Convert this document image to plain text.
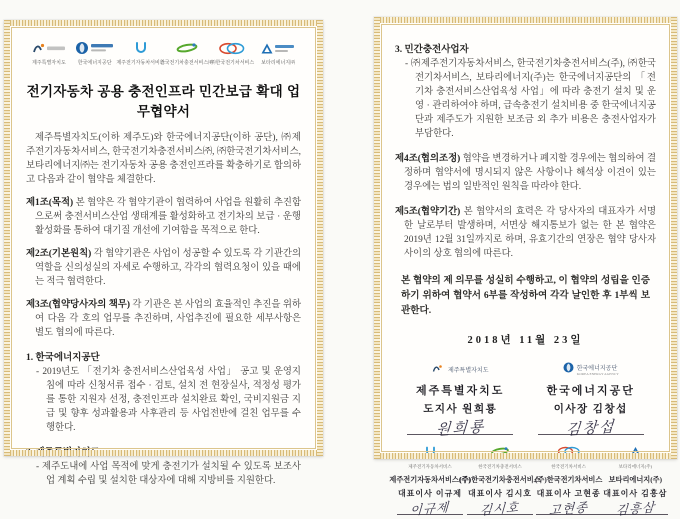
제주특별자치도 한국에너지공단 제주전기자동차서비스
한국전기차충전서비스㈜
㈜한국전기차서비스 보타리에너지㈜
전기자동차 공용 충전인프라 민간보급 확대 업무협약서

제주특별자치도(이하 제주도)와 한국에너지공단(이하 공단), ㈜제주전기자동차서비스, 한국전기차충전서비스㈜, ㈜한국전기차서비스, 보타리에너지㈜는 전기자동차 공용 충전인프라를 확충하기로 합의하고 다음과 같이 협약을 체결한다.

제1조(목적) 본 협약은 각 협약기관이 협력하여 사업을 원활히 추진함으로써 충전서비스산업 생태계를 활성화하고 전기차의 보급 · 운행 활성화를 통하여 대기질 개선에 기여함을 목적으로 한다.

제2조(기본원칙) 각 협약기관은 사업이 성공할 수 있도록 각 기관간의 역할을 신의성실의 자세로 수행하고, 각각의 협력요청이 있을 때에는 적극 협력한다.

제3조(협약당사자의 책무) 각 기관은 본 사업의 효율적인 추진을 위하여 다음 각 호의 업무를 추진하며, 사업추진에 필요한 세부사항은 별도 협의에 따른다.

1. 한국에너지공단

- 2019년도 「전기차 충전서비스산업육성 사업」 공고 및 운영지침에 따라 신청서류 접수 · 검토, 설치 전 현장실사, 적정성 평가를 통한 지원자 선정, 충전인프라 설치완료 확인, 국비지원금 지급 및 향후 성과활용과 사후관리 등 사업전반에 걸친 업무를 수행한다.

- 제주도내에 사업 목적에 맞게 충전기가 설치될 수 있도록 보조사업 계획 수립 및 설치한 대상자에 대해 지방비를 지원한다.

3. 민간충전사업자

- ㈜제주전기자동차서비스, 한국전기차충전서비스(주), ㈜한국전기차서비스, 보타리에너지(주)는 한국에너지공단의 「전기차 충전서비스산업육성 사업」에 따라 충전기 설치 및 운영 · 관리하여야 하며, 급속충전기 설치비용 중 한국에너지공단과 제주도가 지원한 보조금 외 추가 비용은 충전사업자가 부담한다.

제4조(협의조정) 협약을 변경하거나 폐지할 경우에는 협의하여 결정하며 협약서에 명시되지 않은 사항이나 해석상 이견이 있는 경우에는 법의 일반적인 원칙을 따라야 한다.

제5조(협약기간) 본 협약서의 효력은 각 당사자의 대표자가 서명한 날로부터 발생하며, 서면상 해지통보가 없는 한 본 협약은 2019년 12월 31일까지로 하며, 유효기간의 연장은 협약 당사자 사이의 상호 협의에 따른다.

본 협약의 제 의무를 성실히 수행하고, 이 협약의 성립을 인증하기 위하여 협약서 6부를 작성하여 각각 날인한 후 1부씩 보관한다.

2018년 11월 23일
제주특별자치도
제주특별자치도
도지사 원희룡
원희룡
한국에너지공단
KOREA ENERGY AGENCY
한국에너지공단
이사장 김창섭
김창섭
제주전기자동차서비스
제주전기자동차서비스(주)
대표이사 이규제
이규제
한국전기차충전서비스
(주)한국전기차충전서비스
대표이사 김시호
김시호
한국전기차서비스
(주)한국전기차서비스
대표이사 고현종
고현종
보타리에너지(주)
보타리에너지(주)
대표이사 김흥삼
김흥삼
